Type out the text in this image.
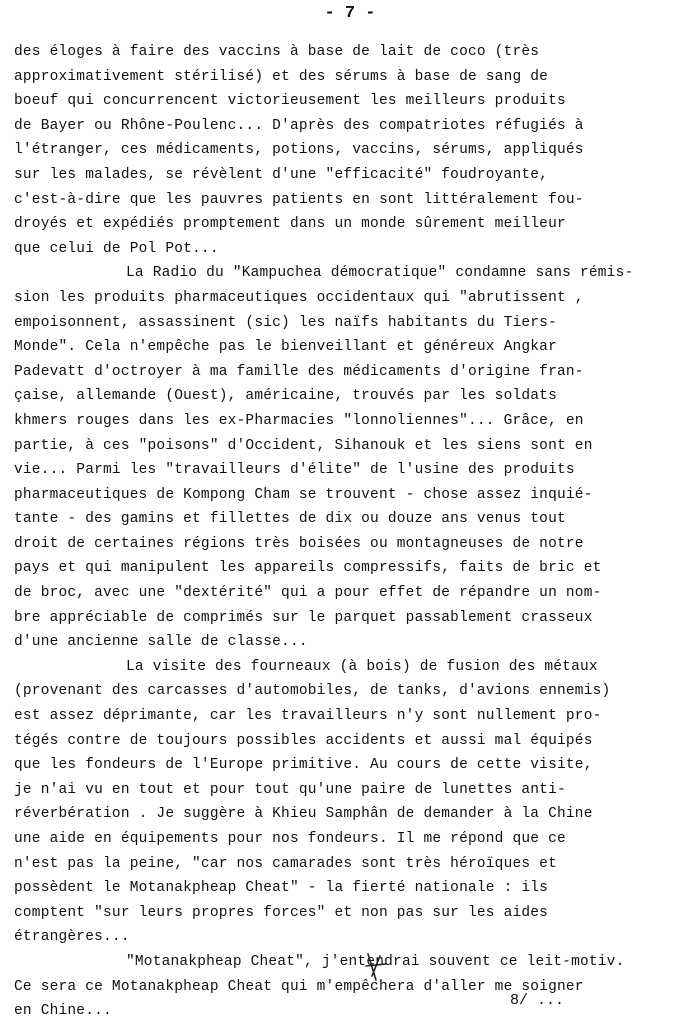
- 7 -
des éloges à faire des vaccins à base de lait de coco (très
approximativement stérilisé) et des sérums à base de sang de
boeuf qui concurrencent victorieusement les meilleurs produits
de Bayer ou Rhône-Poulenc... D'après des compatriotes réfugiés à
l'étranger, ces médicaments, potions, vaccins, sérums, appliqués
sur les malades, se révèlent d'une "efficacité" foudroyante,
c'est-à-dire que les pauvres patients en sont littéralement fou-
droyés et expédiés promptement dans un monde sûrement meilleur
que celui de Pol Pot...
La Radio du "Kampuchea démocratique" condamne sans rémis-
sion les produits pharmaceutiques occidentaux qui "abrutissent ,
empoisonnent, assassinent (sic) les naïfs habitants du Tiers-
Monde". Cela n'empêche pas le bienveillant et généreux Angkar
Padevatt d'octroyer à ma famille des médicaments d'origine fran-
çaise, allemande (Ouest), américaine, trouvés par les soldats
khmers rouges dans les ex-Pharmacies "lonnoliennes"... Grâce, en
partie, à ces "poisons" d'Occident, Sihanouk et les siens sont en
vie... Parmi les "travailleurs d'élite" de l'usine des produits
pharmaceutiques de Kompong Cham se trouvent - chose assez inquié-
tante - des gamins et fillettes de dix ou douze ans venus tout
droit de certaines régions très boisées ou montagneuses de notre
pays et qui manipulent les appareils compressifs, faits de bric et
de broc, avec une "dextérité" qui a pour effet de répandre un nom-
bre appréciable de comprimés sur le parquet passablement crasseux
d'une ancienne salle de classe...
La visite des fourneaux (à bois) de fusion des métaux
(provenant des carcasses d'automobiles, de tanks, d'avions ennemis)
est assez déprimante, car les travailleurs n'y sont nullement pro-
tégés contre de toujours possibles accidents et aussi mal équipés
que les fondeurs de l'Europe primitive. Au cours de cette visite,
je n'ai vu en tout et pour tout qu'une paire de lunettes anti-
réverbération . Je suggère à Khieu Samphân de demander à la Chine
une aide en équipements pour nos fondeurs. Il me répond que ce
n'est pas la peine, "car nos camarades sont très héroïques et
possèdent le Motanakpheap Cheat" - la fierté nationale : ils
comptent "sur leurs propres forces" et non pas sur les aides
étrangères...
"Motanakpheap Cheat", j'entendrai souvent ce leit-motiv.
Ce sera ce Motanakpheap Cheat qui m'empêchera d'aller me soigner
en Chine...
8/ ...
